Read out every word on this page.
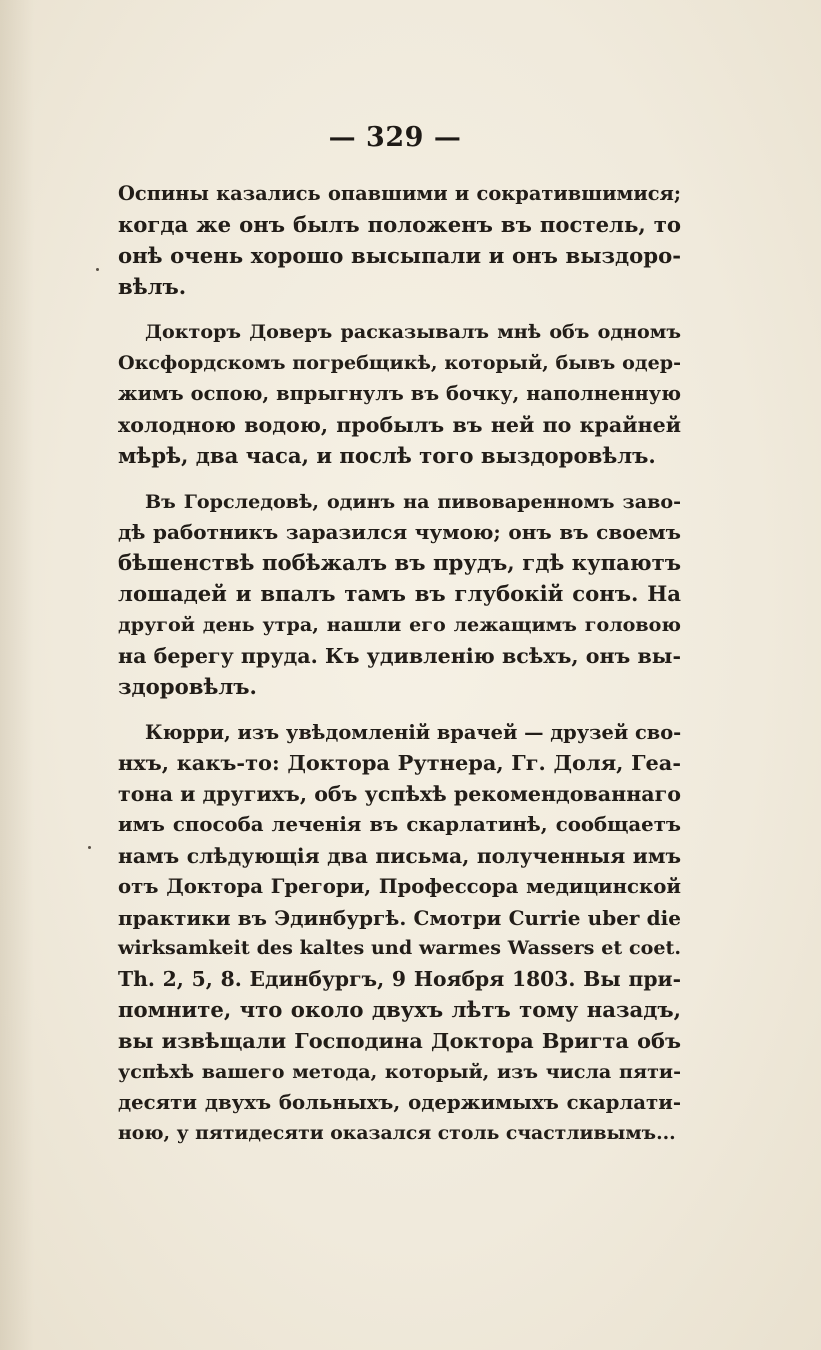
— 329 —
Оспины казались опавшими и сократившимися;
когда же онъ былъ положенъ въ постель, то
онѣ очень хорошо высыпали и онъ выздоро-
вѣлъ.
Докторъ Доверъ расказывалъ мнѣ объ одномъ
Оксфордскомъ погребщикѣ, который, бывъ одер-
жимъ оспою, впрыгнулъ въ бочку, наполненную
холодною водою, пробылъ въ ней по крайней
мѣрѣ, два часа, и послѣ того выздоровѣлъ.
Въ Горследовѣ, одинъ на пивоваренномъ заво-
дѣ работникъ заразился чумою; онъ въ своемъ
бѣшенствѣ побѣжалъ въ прудъ, гдѣ купаютъ
лошадей и впалъ тамъ въ глубокій сонъ. На
другой день утра, нашли его лежащимъ головою
на берегу пруда. Къ удивленію всѣхъ, онъ вы-
здоровѣлъ.
Кюрри, изъ увѣдомленій врачей — друзей сво-
нхъ, какъ-то: Доктора Рутнера, Гг. Доля, Геа-
тона и другихъ, объ успѣхѣ рекомендованнаго
имъ способа леченія въ скарлатинѣ, сообщаетъ
намъ слѣдующія два письма, полученныя имъ
отъ Доктора Грегори, Профессора медицинской
практики въ Эдинбургѣ. Смотри Currie uber die
wirksamkeit des kaltes und warmes Wassers et coet.
Th. 2, 5, 8. Единбургъ, 9 Ноября 1803. Вы при-
помните, что около двухъ лѣтъ тому назадъ,
вы извѣщали Господина Доктора Вригта объ
успѣхѣ вашего метода, который, изъ числа пяти-
десяти двухъ больныхъ, одержимыхъ скарлати-
ною, у пятидесяти оказался столь счастливымъ...
